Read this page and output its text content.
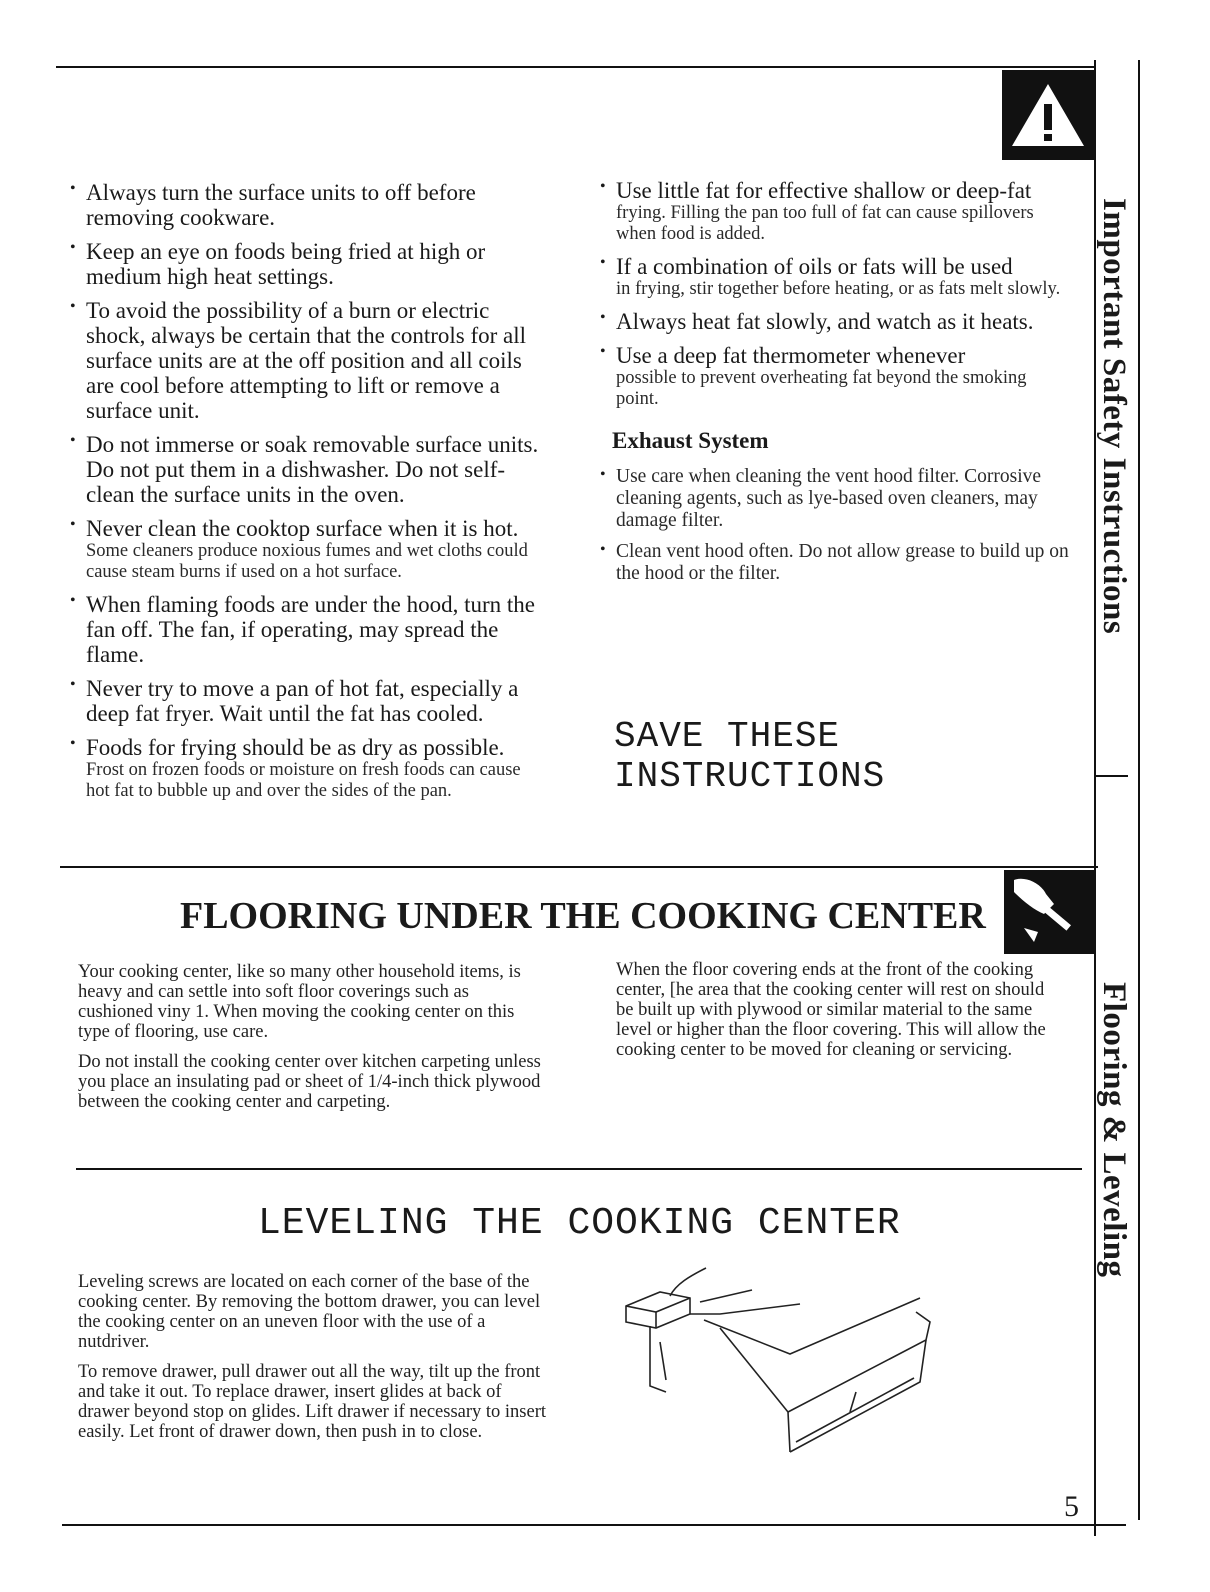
Important Safety Instructions
• Always turn the surface units to off before removing cookware.
• Keep an eye on foods being fried at high or medium high heat settings.
• To avoid the possibility of a burn or electric shock, always be certain that the controls for all surface units are at the off position and all coils are cool before attempting to lift or remove a surface unit.
• Do not immerse or soak removable surface units. Do not put them in a dishwasher. Do not self-clean the surface units in the oven.
• Never clean the cooktop surface when it is hot.
Some cleaners produce noxious fumes and wet cloths could cause steam burns if used on a hot surface.
• When flaming foods are under the hood, turn the fan off. The fan, if operating, may spread the flame.
• Never try to move a pan of hot fat, especially a deep fat fryer. Wait until the fat has cooled.
• Foods for frying should be as dry as possible.
Frost on frozen foods or moisture on fresh foods can cause hot fat to bubble up and over the sides of the pan.
• Use little fat for effective shallow or deep-fat
frying. Filling the pan too full of fat can cause spillovers when food is added.
• If a combination of oils or fats will be used
in frying, stir together before heating, or as fats melt slowly.
• Always heat fat slowly, and watch as it heats.
• Use a deep fat thermometer whenever
possible to prevent overheating fat beyond the smoking point.
Exhaust System
• Use care when cleaning the vent hood filter. Corrosive cleaning agents, such as lye-based oven cleaners, may damage filter.
• Clean vent hood often. Do not allow grease to build up on the hood or the filter.
SAVE THESE
INSTRUCTIONS
FLOORING UNDER THE COOKING CENTER

Your cooking center, like so many other household items, is heavy and can settle into soft floor coverings such as cushioned viny 1. When moving the cooking center on this type of flooring, use care.

Do not install the cooking center over kitchen carpeting unless you place an insulating pad or sheet of 1/4-inch thick plywood between the cooking center and carpeting.

When the floor covering ends at the front of the cooking center, [he area that the cooking center will rest on should be built up with plywood or similar material to the same level or higher than the floor covering. This will allow the cooking center to be moved for cleaning or servicing.	Flooring & Leveling
LEVELING THE COOKING CENTER

Leveling screws are located on each corner of the base of the cooking center. By removing the bottom drawer, you can level the cooking center on an uneven floor with the use of a nutdriver.

To remove drawer, pull drawer out all the way, tilt up the front and take it out. To replace drawer, insert glides at back of drawer beyond stop on glides. Lift drawer if necessary to insert easily. Let front of drawer down, then push in to close.

5
